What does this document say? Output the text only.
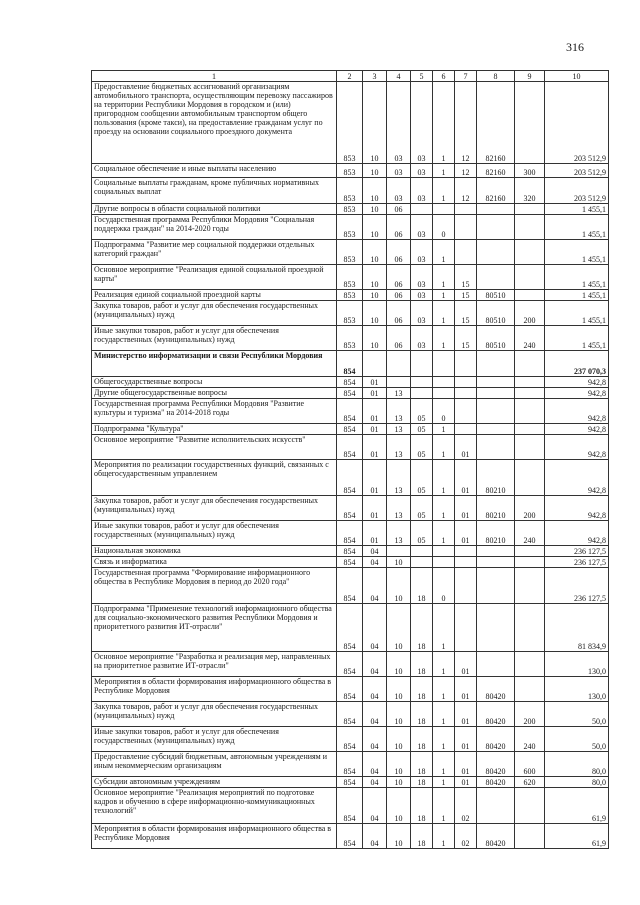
316
1	2	3	4	5	6	7	8	9	10
Предоставление бюджетных ассигнований организациям автомобильного транспорта, осуществляющим перевозку пассажиров на территории Республики Мордовия в городском и (или) пригородном сообщении автомобильным транспортом общего пользования (кроме такси), на предоставление гражданам услуг по проезду на основании социального проездного документа	853	10	03	03	1	12	82160		203 512,9
Социальное обеспечение и иные выплаты населению	853	10	03	03	1	12	82160	300	203 512,9
Социальные выплаты гражданам, кроме публичных нормативных социальных выплат	853	10	03	03	1	12	82160	320	203 512,9
Другие вопросы в области социальной политики	853	10	06						1 455,1
Государственная программа Республики Мордовия "Социальная поддержка граждан" на 2014-2020 годы	853	10	06	03	0				1 455,1
Подпрограмма "Развитие мер социальной поддержки отдельных категорий граждан"	853	10	06	03	1				1 455,1
Основное мероприятие "Реализация единой социальной проездной карты"	853	10	06	03	1	15			1 455,1
Реализация единой социальной проездной карты	853	10	06	03	1	15	80510		1 455,1
Закупка товаров, работ и услуг для обеспечения государственных (муниципальных) нужд	853	10	06	03	1	15	80510	200	1 455,1
Иные закупки товаров, работ и услуг для обеспечения государственных (муниципальных) нужд	853	10	06	03	1	15	80510	240	1 455,1
Министерство информатизации и связи Республики Мордовия	854								237 070,3
Общегосударственные вопросы	854	01							942,8
Другие общегосударственные вопросы	854	01	13						942,8
Государственная программа Республики Мордовия "Развитие культуры и туризма" на 2014-2018 годы	854	01	13	05	0				942,8
Подпрограмма "Культура"	854	01	13	05	1				942,8
Основное мероприятие "Развитие исполнительских искусств"	854	01	13	05	1	01			942,8
Мероприятия по реализации государственных функций, связанных с общегосударственным управлением	854	01	13	05	1	01	80210		942,8
Закупка товаров, работ и услуг для обеспечения государственных (муниципальных) нужд	854	01	13	05	1	01	80210	200	942,8
Иные закупки товаров, работ и услуг для обеспечения государственных (муниципальных) нужд	854	01	13	05	1	01	80210	240	942,8
Национальная экономика	854	04							236 127,5
Связь и информатика	854	04	10						236 127,5
Государственная программа "Формирование информационного общества в Республике Мордовия в период до 2020 года"	854	04	10	18	0				236 127,5
Подпрограмма "Применение технологий информационного общества для социально-экономического развития Республики Мордовия и приоритетного развития ИТ-отрасли"	854	04	10	18	1				81 834,9
Основное мероприятие "Разработка и реализация мер, направленных на приоритетное развитие ИТ-отрасли"	854	04	10	18	1	01			130,0
Мероприятия в области формирования информационного общества в Республике Мордовия	854	04	10	18	1	01	80420		130,0
Закупка товаров, работ и услуг для обеспечения государственных (муниципальных) нужд	854	04	10	18	1	01	80420	200	50,0
Иные закупки товаров, работ и услуг для обеспечения государственных (муниципальных) нужд	854	04	10	18	1	01	80420	240	50,0
Предоставление субсидий бюджетным, автономным учреждениям и иным некоммерческим организациям	854	04	10	18	1	01	80420	600	80,0
Субсидии автономным учреждениям	854	04	10	18	1	01	80420	620	80,0
Основное мероприятие "Реализация мероприятий по подготовке кадров и обучению в сфере информационно-коммуникационных технологий"	854	04	10	18	1	02			61,9
Мероприятия в области формирования информационного общества в Республике Мордовия	854	04	10	18	1	02	80420		61,9
